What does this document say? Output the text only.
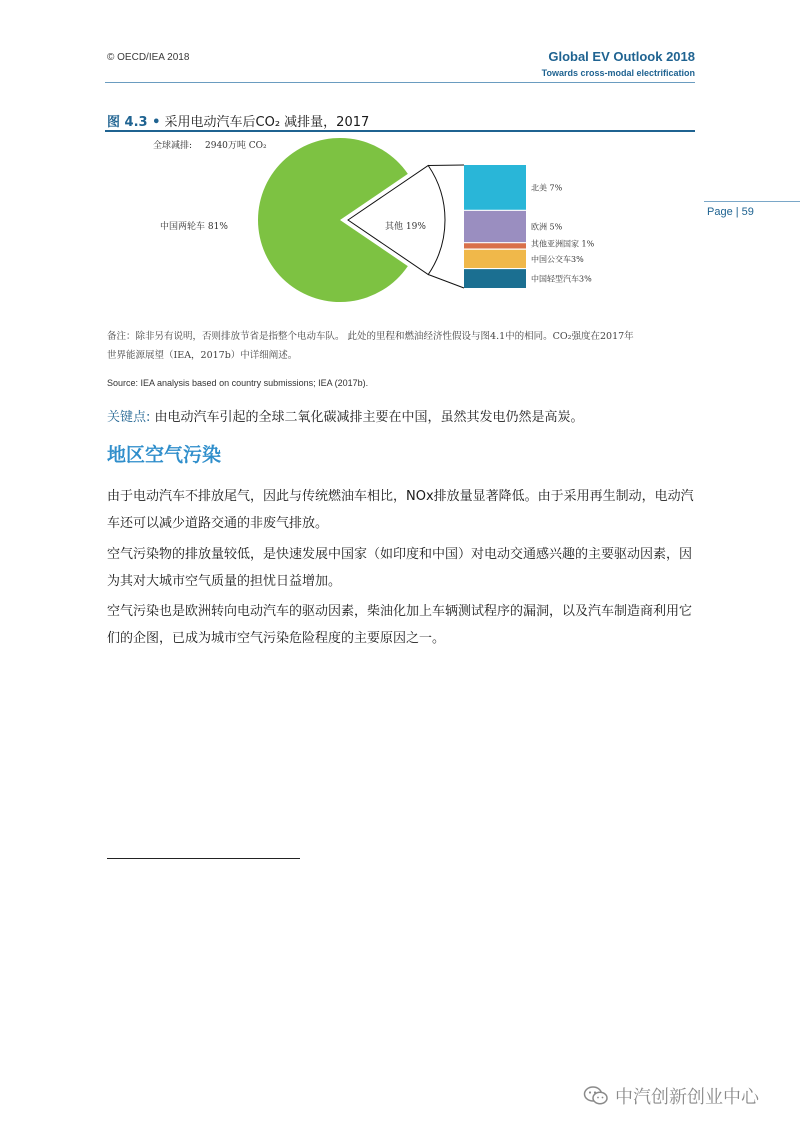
© OECD/IEA 2018	Global EV Outlook 2018
Towards cross-modal electrification
Page | 59
图 4.3 • 采用电动汽车后CO₂ 减排量，2017
全球减排: 2940万吨 CO₂
中国两轮车 81%	其他 19%
北美 7%
欧洲 5%
其他亚洲国家 1%
中国公交车3%
中国轻型汽车3%
备注：除非另有说明，否则排放节省是指整个电动车队。 此处的里程和燃油经济性假设与图4.1中的相同。CO₂强度在2017年
世界能源展望（IEA，2017b）中详细阐述。
Source: IEA analysis based on country submissions; IEA (2017b).
关键点: 由电动汽车引起的全球二氧化碳减排主要在中国，虽然其发电仍然是高炭。
地区空气污染
由于电动汽车不排放尾气，因此与传统燃油车相比，NOx排放量显著降低。由于采用再生制动，电动汽车还可以减少道路交通的非废气排放。
空气污染物的排放量较低，是快速发展中国家（如印度和中国）对电动交通感兴趣的主要驱动因素，因为其对大城市空气质量的担忧日益增加。
空气污染也是欧洲转向电动汽车的驱动因素，柴油化加上车辆测试程序的漏洞，以及汽车制造商利用它们的企图，已成为城市空气污染危险程度的主要原因之一。
中汽创新创业中心
